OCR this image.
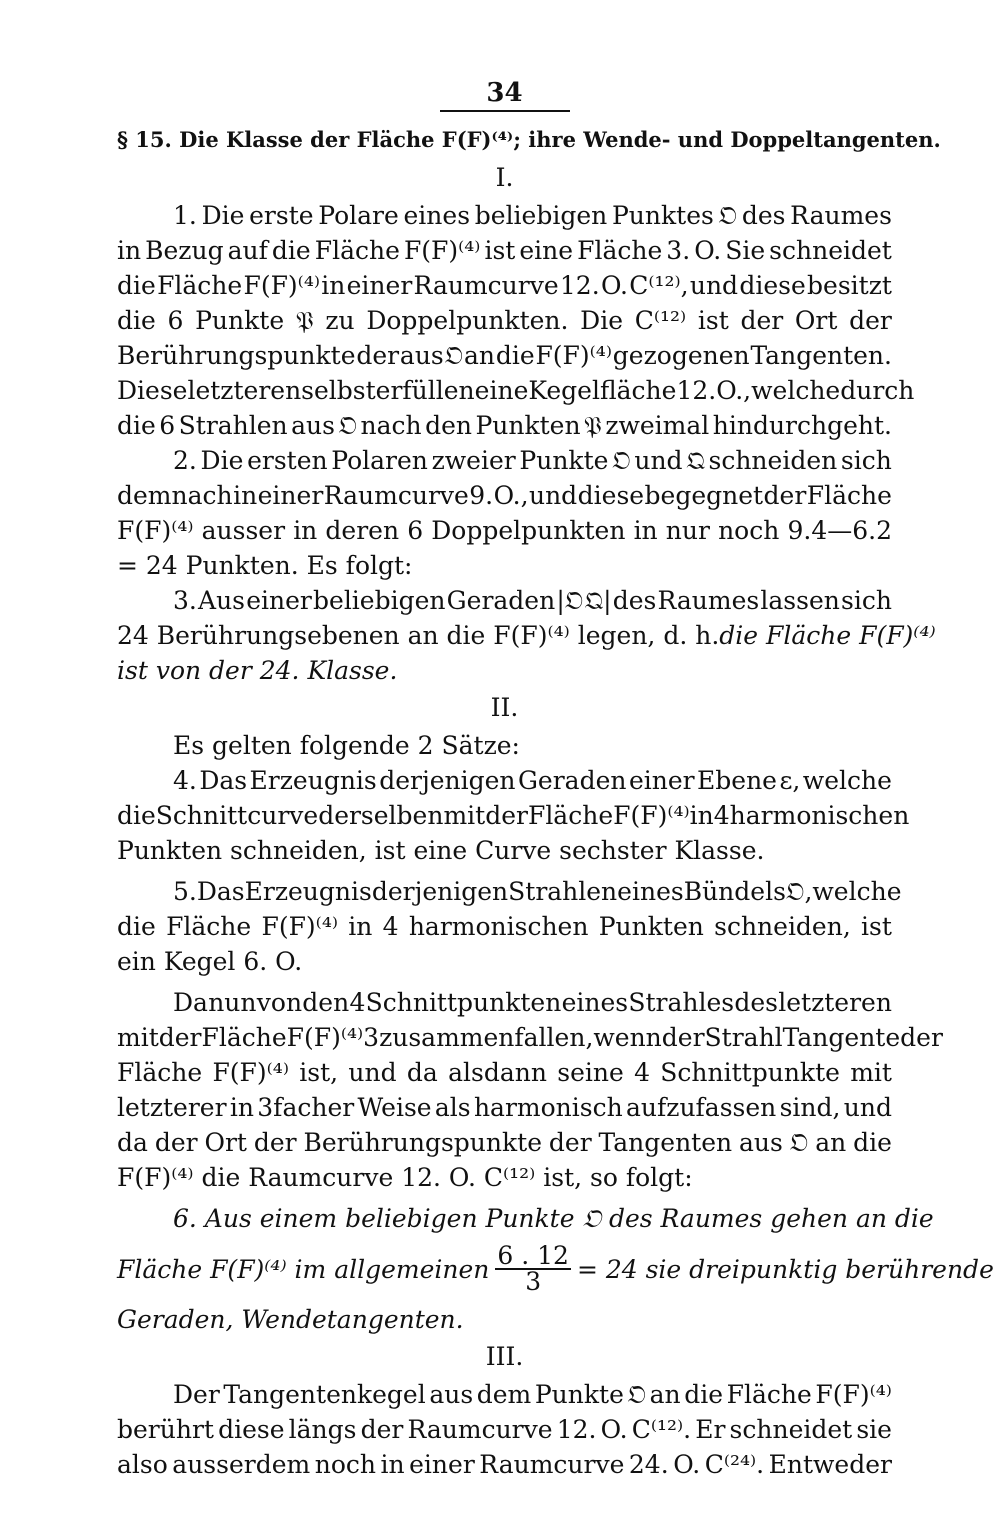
34
§ 15. Die Klasse der Fläche F(F)⁽⁴⁾; ihre Wende- und Doppeltangenten.
I.
1. Die erste Polare eines beliebigen Punktes 𝔒 des Raumes
in Bezug auf die Fläche F(F)⁽⁴⁾ ist eine Fläche 3. O. Sie schneidet
die Fläche F(F)⁽⁴⁾ in einer Raumcurve 12. O. C⁽¹²⁾, und diese besitzt
die 6 Punkte 𝔓 zu Doppelpunkten. Die C⁽¹²⁾ ist der Ort der
Berührungspunkte der aus 𝔒 an die F(F)⁽⁴⁾ gezogenen Tangenten.
Diese letzteren selbst erfüllen eine Kegelfläche 12. O., welche durch
die 6 Strahlen aus 𝔒 nach den Punkten 𝔓 zweimal hindurchgeht.
2. Die ersten Polaren zweier Punkte 𝔒 und 𝔔 schneiden sich
demnach in einer Raumcurve 9. O., und diese begegnet der Fläche
F(F)⁽⁴⁾ ausser in deren 6 Doppelpunkten in nur noch 9.4—6.2
= 24 Punkten. Es folgt:
3. Aus einer beliebigen Geraden |𝔒 𝔔| des Raumes lassen sich
24 Berührungsebenen an die F(F)⁽⁴⁾ legen, d. h. die Fläche F(F)⁽⁴⁾
ist von der 24. Klasse.
II.
Es gelten folgende 2 Sätze:
4. Das Erzeugnis derjenigen Geraden einer Ebene ε, welche
die Schnittcurve derselben mit der Fläche F(F)⁽⁴⁾ in 4 harmonischen
Punkten schneiden, ist eine Curve sechster Klasse.
5. Das Erzeugnis derjenigen Strahlen eines Bündels 𝔒, welche
die Fläche F(F)⁽⁴⁾ in 4 harmonischen Punkten schneiden, ist
ein Kegel 6. O.
Da nun von den 4 Schnittpunkten eines Strahles des letzteren
mit der Fläche F(F)⁽⁴⁾ 3 zusammenfallen, wenn der Strahl Tangente der
Fläche F(F)⁽⁴⁾ ist, und da alsdann seine 4 Schnittpunkte mit
letzterer in 3facher Weise als harmonisch aufzufassen sind, und
da der Ort der Berührungspunkte der Tangenten aus 𝔒 an die
F(F)⁽⁴⁾ die Raumcurve 12. O. C⁽¹²⁾ ist, so folgt:
6. Aus einem beliebigen Punkte 𝔒 des Raumes gehen an die
Fläche F(F)⁽⁴⁾ im allgemeinen $\frac{6 . 12}{3} = 24$ sie dreipunktig berührende
Geraden, Wendetangenten.
III.
Der Tangentenkegel aus dem Punkte 𝔒 an die Fläche F(F)⁽⁴⁾
berührt diese längs der Raumcurve 12. O. C⁽¹²⁾. Er schneidet sie
also ausserdem noch in einer Raumcurve 24. O. C⁽²⁴⁾. Entweder
